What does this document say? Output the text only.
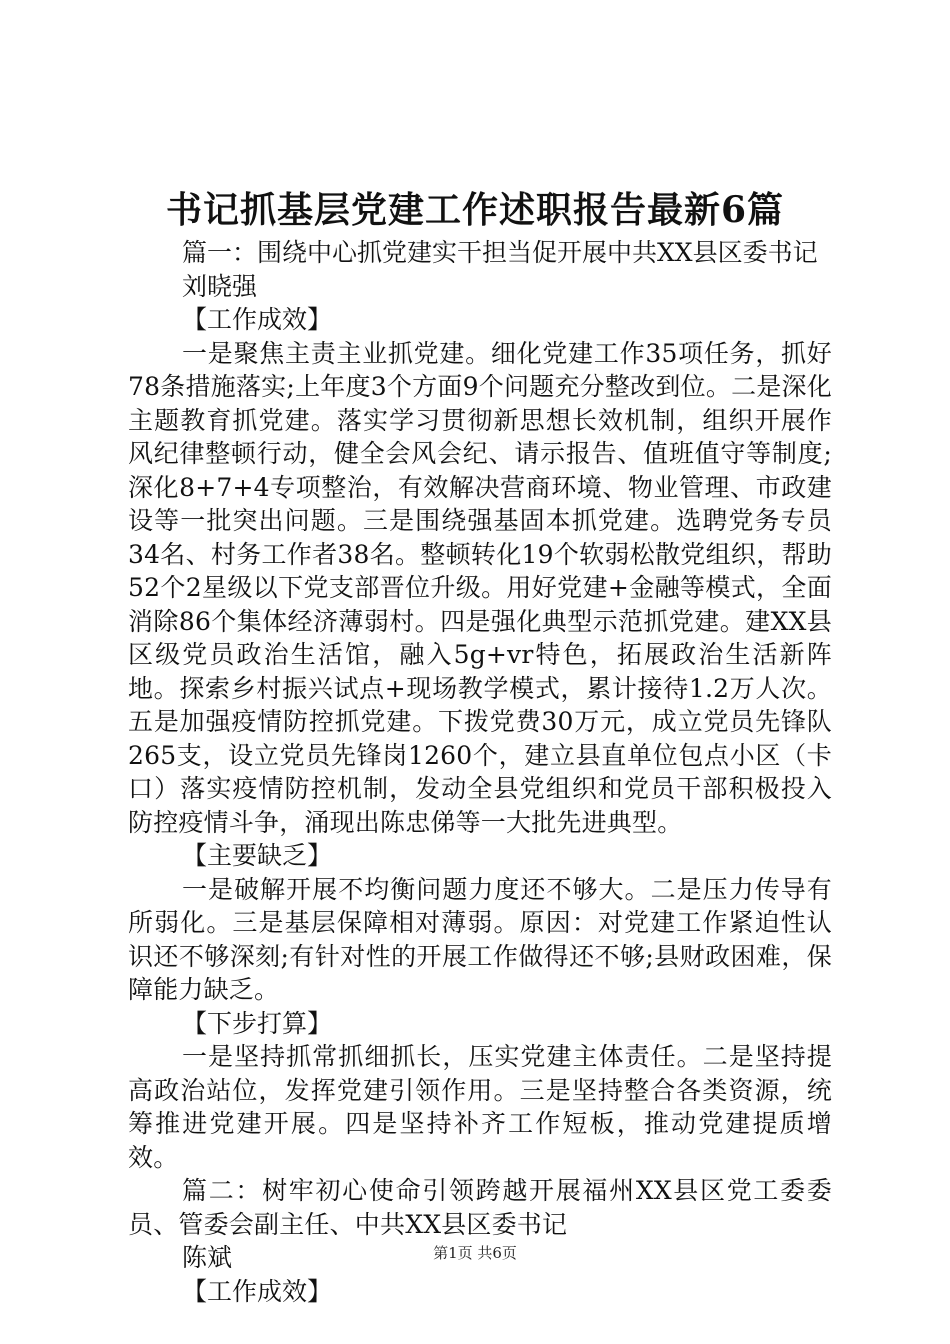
书记抓基层党建工作述职报告最新6篇
篇一：围绕中心抓党建实干担当促开展中共XX县区委书记
刘晓强
【工作成效】

一是聚焦主责主业抓党建。细化党建工作35项任务，抓好78条措施落实;上年度3个方面9个问题充分整改到位。二是深化主题教育抓党建。落实学习贯彻新思想长效机制，组织开展作风纪律整顿行动，健全会风会纪、请示报告、值班值守等制度;深化8+7+4专项整治，有效解决营商环境、物业管理、市政建设等一批突出问题。三是围绕强基固本抓党建。选聘党务专员34名、村务工作者38名。整顿转化19个软弱松散党组织，帮助52个2星级以下党支部晋位升级。用好党建+金融等模式，全面消除86个集体经济薄弱村。四是强化典型示范抓党建。建XX县区级党员政治生活馆，融入5g+vr特色，拓展政治生活新阵地。探索乡村振兴试点+现场教学模式，累计接待1.2万人次。五是加强疫情防控抓党建。下拨党费30万元，成立党员先锋队265支，设立党员先锋岗1260个，建立县直单位包点小区（卡口）落实疫情防控机制，发动全县党组织和党员干部积极投入防控疫情斗争，涌现出陈忠俤等一大批先进典型。

【主要缺乏】

一是破解开展不均衡问题力度还不够大。二是压力传导有所弱化。三是基层保障相对薄弱。原因：对党建工作紧迫性认识还不够深刻;有针对性的开展工作做得还不够;县财政困难，保障能力缺乏。

【下步打算】

一是坚持抓常抓细抓长，压实党建主体责任。二是坚持提高政治站位，发挥党建引领作用。三是坚持整合各类资源，统筹推进党建开展。四是坚持补齐工作短板，推动党建提质增效。

篇二：树牢初心使命引领跨越开展福州XX县区党工委委员、管委会副主任、中共XX县区委书记

陈斌
【工作成效】
第1页 共6页
